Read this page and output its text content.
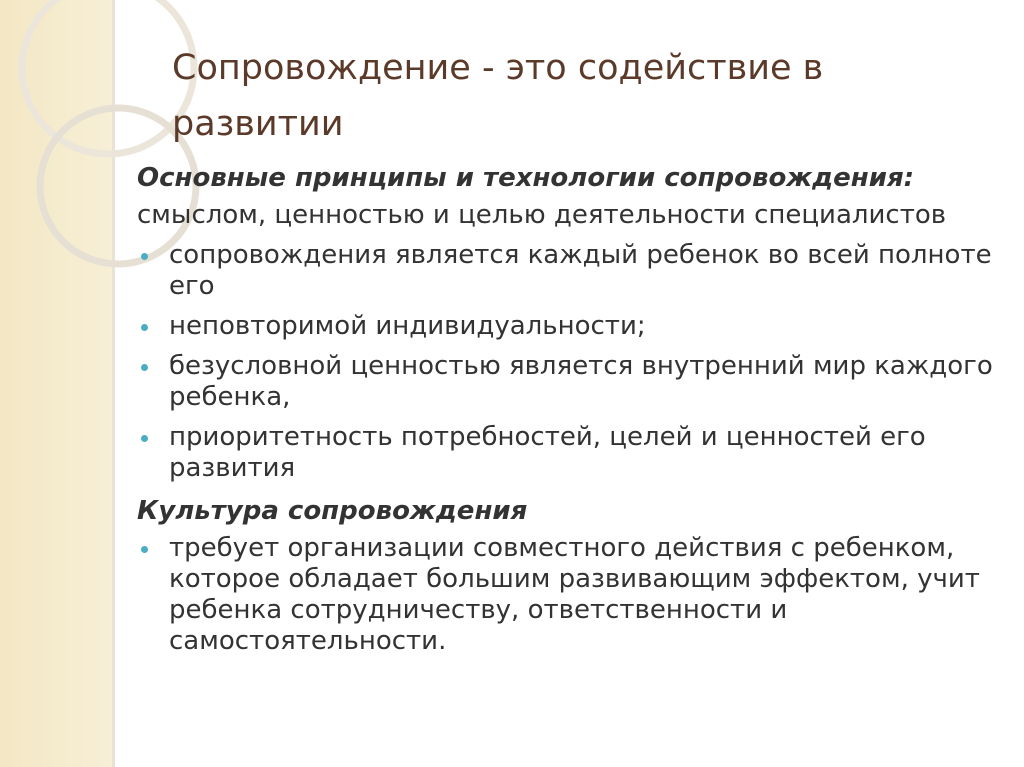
Сопровождение - это содействие в развитии
Основные принципы и технологии сопровождения:
смыслом, ценностью и целью деятельности специалистов
сопровождения является каждый ребенок во всей полноте его
неповторимой индивидуальности;
безусловной ценностью является внутренний мир каждого ребенка,
приоритетность потребностей, целей и ценностей его развития
Культура сопровождения
требует организации совместного действия с ребенком, которое обладает большим развивающим эффектом, учит ребенка сотрудничеству, ответственности и самостоятельности.
